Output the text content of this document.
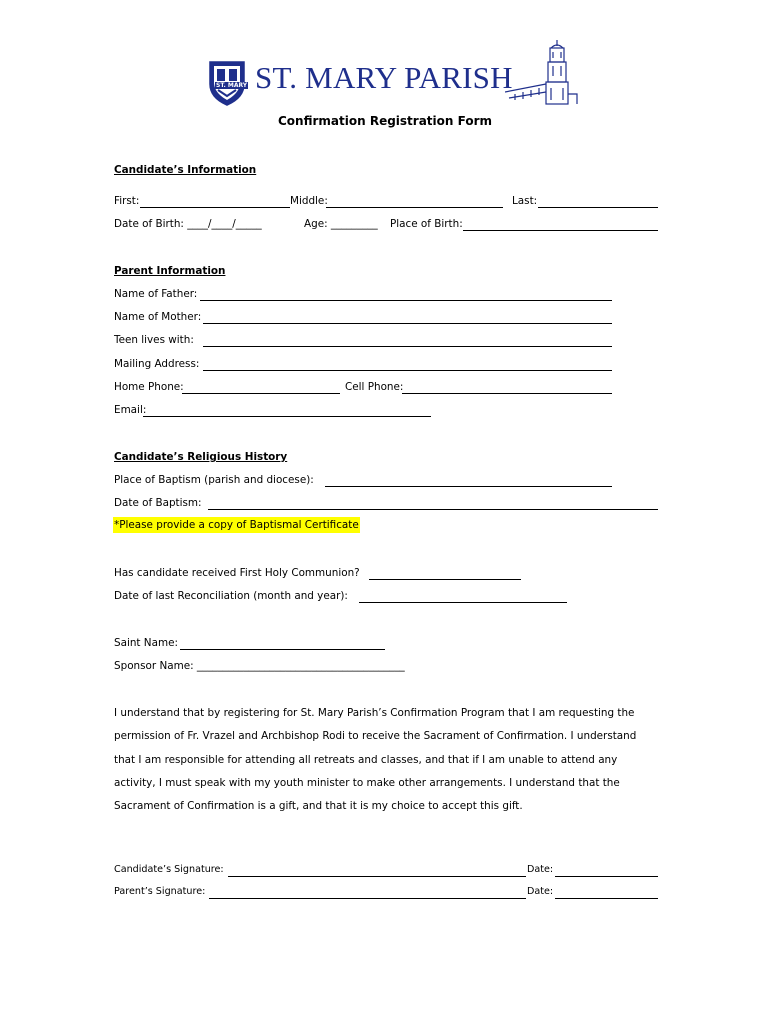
ST. MARY ST. MARY PARISH
Confirmation Registration Form
Candidate’s Information
First:	Middle:	Last:
Date of Birth: ____/____/_____	Age: _________ Place of Birth:
Parent Information
Name of Father:
Name of Mother:
Teen lives with:
Mailing Address:
Home Phone:	Cell Phone:
Email:
Candidate’s Religious History
Place of Baptism (parish and diocese):
Date of Baptism:
*Please provide a copy of Baptismal Certificate
Has candidate received First Holy Communion?
Date of last Reconciliation (month and year):
Saint Name:
Sponsor Name: ________________________________________
I understand that by registering for St. Mary Parish’s Confirmation Program that I am requesting the
permission of Fr. Vrazel and Archbishop Rodi to receive the Sacrament of Confirmation. I understand
that I am responsible for attending all retreats and classes, and that if I am unable to attend any
activity, I must speak with my youth minister to make other arrangements. I understand that the
Sacrament of Confirmation is a gift, and that it is my choice to accept this gift.
Candidate’s Signature:	Date:
Parent’s Signature:	Date:
